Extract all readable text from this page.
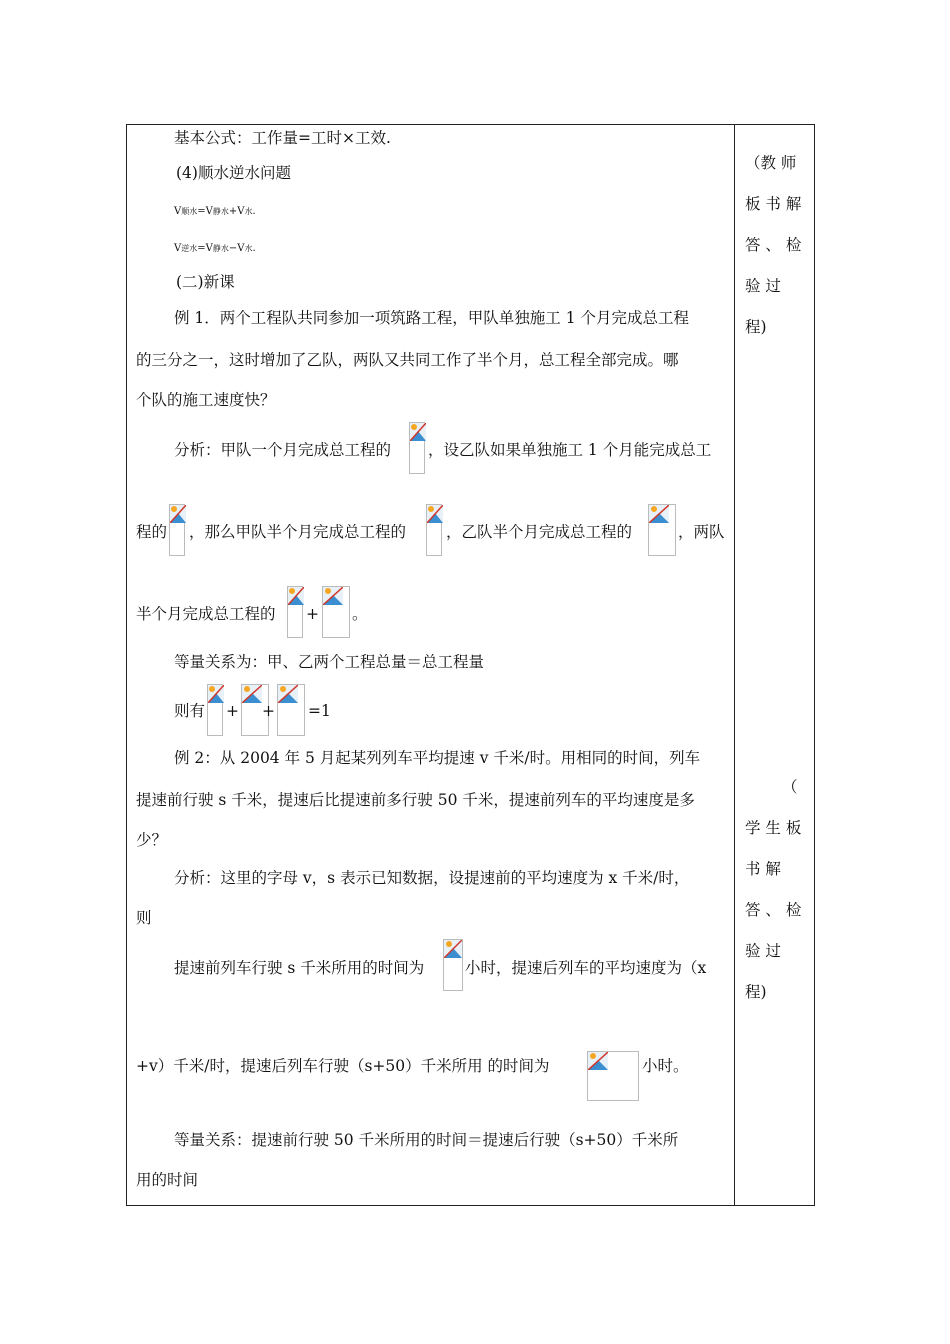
基本公式：工作量=工时×工效.
(4)顺水逆水问题
V顺水=V静水+V水.
V逆水=V静水−V水.
(二)新课
例 1．两个工程队共同参加一项筑路工程，甲队单独施工 1 个月完成总工程
的三分之一，这时增加了乙队，两队又共同工作了半个月，总工程全部完成。哪
个队的施工速度快？
分析：甲队一个月完成总工程的 ，设乙队如果单独施工 1 个月能完成总工
程的 ，那么甲队半个月完成总工程的	，乙队半个月完成总工程的	，两队
半个月完成总工程的 + 。
等量关系为：甲、乙两个工程总量＝总工程量
则有 + + =1
例 2：从 2004 年 5 月起某列列车平均提速 v 千米/时。用相同的时间，列车
提速前行驶 s 千米，提速后比提速前多行驶 50 千米，提速前列车的平均速度是多
少？
分析：这里的字母 v，s 表示已知数据，设提速前的平均速度为 x 千米/时，
则
提速前列车行驶 s 千米所用的时间为	小时，提速后列车的平均速度为（x
+v）千米/时，提速后列车行驶（s+50）千米所用 的时间为	小时。
等量关系：提速前行驶 50 千米所用的时间＝提速后行驶（s+50）千米所
用的时间
（教 师
板 书 解
答 、 检
验 过
程)
（
学 生 板
书 解
答 、 检
验 过
程)
